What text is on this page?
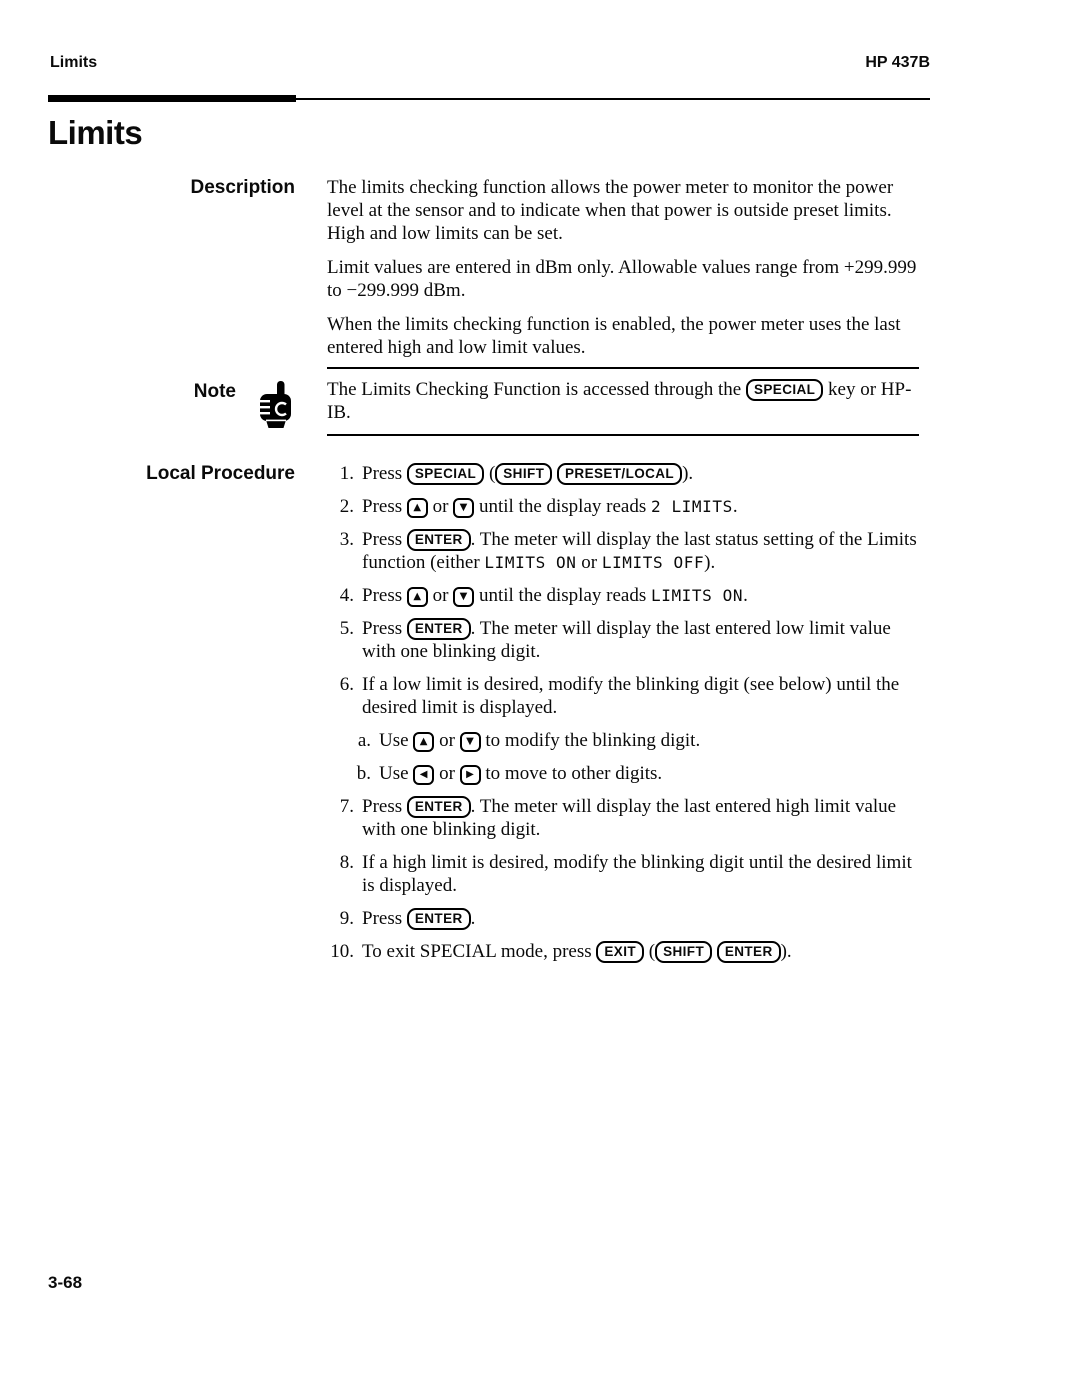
Limits	HP 437B
Limits
Description The limits checking function allows the power meter to monitor the power level at the sensor and to indicate when that power is outside preset limits. High and low limits can be set.

Limit values are entered in dBm only. Allowable values range from +299.999 to −299.999 dBm.

When the limits checking function is enabled, the power meter uses the last entered high and low limit values.

Note	The Limits Checking Function is accessed through the SPECIAL key or HP-IB.
Local Procedure	1. Press SPECIAL ( SHIFT PRESET/LOCAL ).
2. Press ▲ or ▼ until the display reads 2 LIMITS.
3. Press ENTER . The meter will display the last status setting of the Limits function (either LIMITS ON or LIMITS OFF).
4. Press ▲ or ▼ until the display reads LIMITS ON.
5. Press ENTER . The meter will display the last entered low limit value with one blinking digit.
6. If a low limit is desired, modify the blinking digit (see below) until the desired limit is displayed.
a. Use ▲ or ▼ to modify the blinking digit.
b. Use ◀ or ▶ to move to other digits.
7. Press ENTER . The meter will display the last entered high limit value with one blinking digit.
8. If a high limit is desired, modify the blinking digit until the desired limit is displayed.
9. Press ENTER .
10. To exit SPECIAL mode, press EXIT ( SHIFT ENTER ).
3-68
